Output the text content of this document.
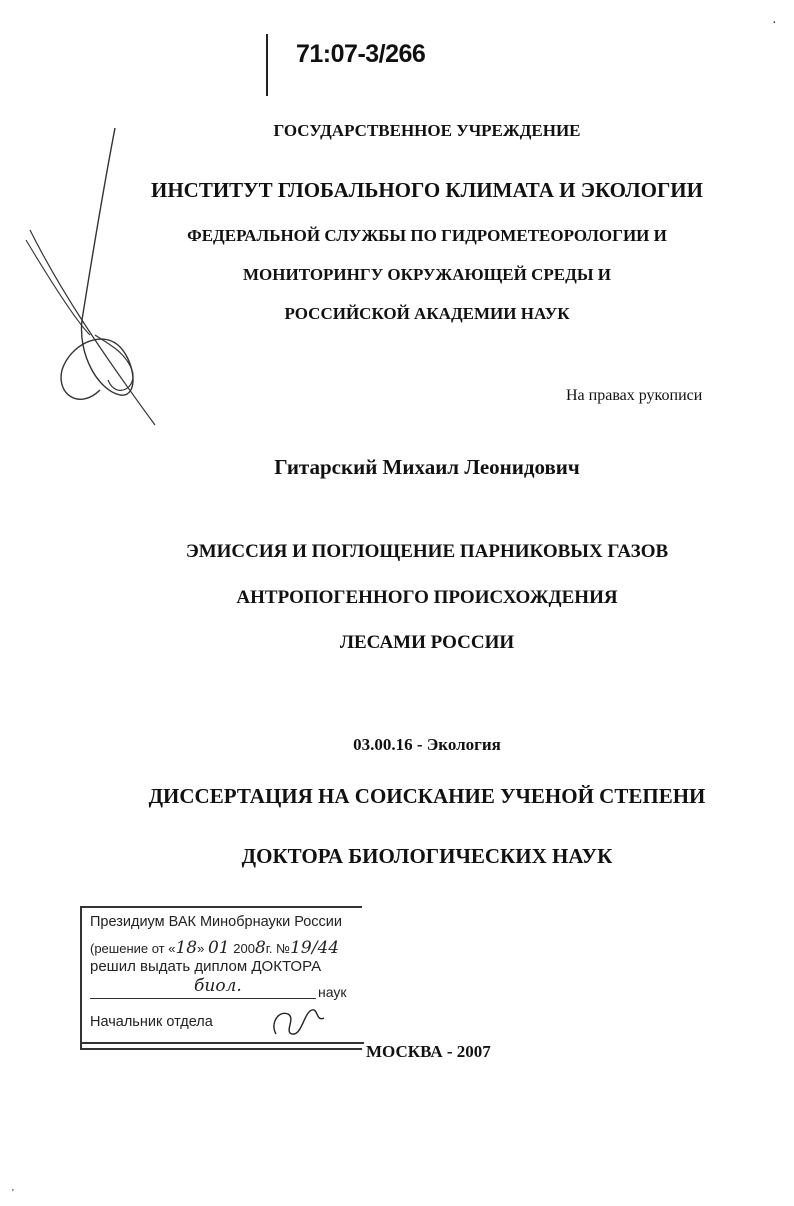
71:07-3/266
·
ГОСУДАРСТВЕННОЕ УЧРЕЖДЕНИЕ
ИНСТИТУТ ГЛОБАЛЬНОГО КЛИМАТА И ЭКОЛОГИИ
ФЕДЕРАЛЬНОЙ СЛУЖБЫ ПО ГИДРОМЕТЕОРОЛОГИИ И
МОНИТОРИНГУ ОКРУЖАЮЩЕЙ СРЕДЫ И
РОССИЙСКОЙ АКАДЕМИИ НАУК
На правах рукописи
Гитарский Михаил Леонидович
ЭМИССИЯ И ПОГЛОЩЕНИЕ ПАРНИКОВЫХ ГАЗОВ
АНТРОПОГЕННОГО ПРОИСХОЖДЕНИЯ
ЛЕСАМИ РОССИИ
03.00.16 - Экология
ДИССЕРТАЦИЯ НА СОИСКАНИЕ УЧЕНОЙ СТЕПЕНИ
ДОКТОРА БИОЛОГИЧЕСКИХ НАУК
Президиум ВАК Минобрнауки России
(решение от «18» 01 2008г. №19/44
решил выдать диплом ДОКТОРА
биол.	наук
Начальник отдела
МОСКВА - 2007
'
